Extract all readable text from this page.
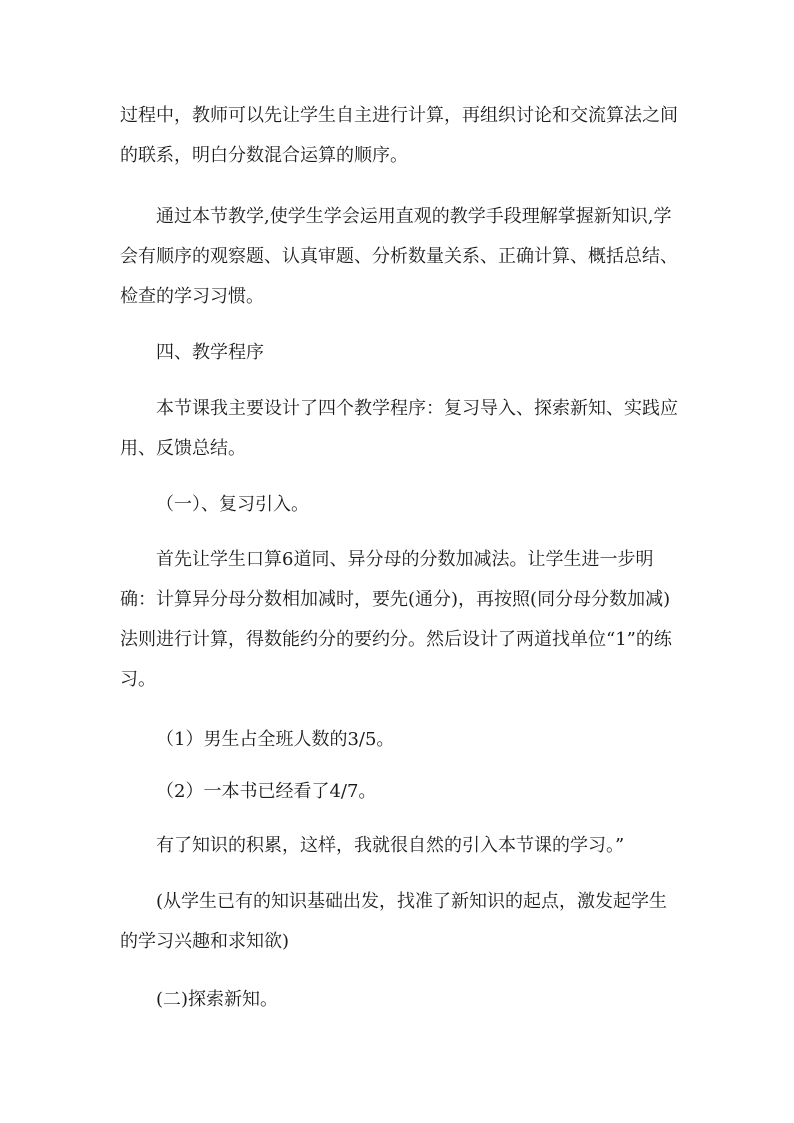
过程中，教师可以先让学生自主进行计算，再组织讨论和交流算法之间的联系，明白分数混合运算的顺序。

通过本节教学,使学生学会运用直观的教学手段理解掌握新知识,学会有顺序的观察题、认真审题、分析数量关系、正确计算、概括总结、检查的学习习惯。

四、教学程序

本节课我主要设计了四个教学程序：复习导入、探索新知、实践应用、反馈总结。

（一）、复习引入。

首先让学生口算6道同、异分母的分数加减法。让学生进一步明确：计算异分母分数相加减时，要先(通分)，再按照(同分母分数加减)法则进行计算，得数能约分的要约分。然后设计了两道找单位“1”的练习。

（1）男生占全班人数的3/5。

（2）一本书已经看了4/7。

有了知识的积累，这样，我就很自然的引入本节课的学习。”

(从学生已有的知识基础出发，找准了新知识的起点，激发起学生的学习兴趣和求知欲)

(二)探索新知。
